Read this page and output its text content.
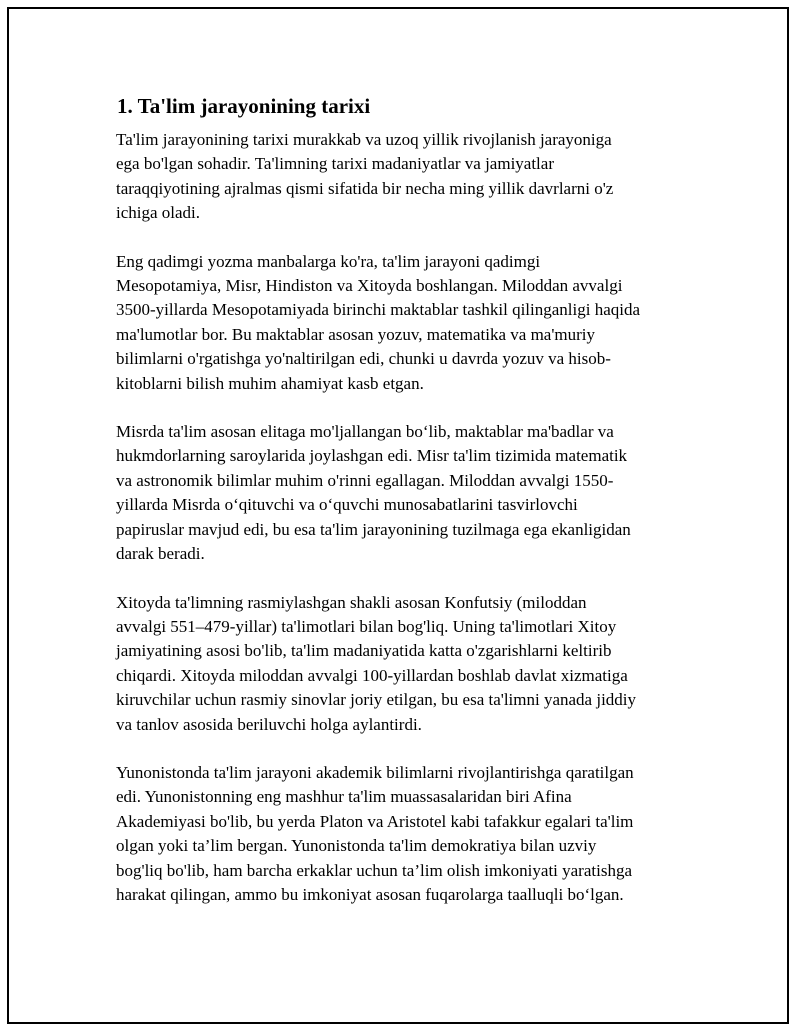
1. Ta'lim jarayonining tarixi

Ta'lim jarayonining tarixi murakkab va uzoq yillik rivojlanish jarayoniga
ega bo'lgan sohadir. Ta'limning tarixi madaniyatlar va jamiyatlar
taraqqiyotining ajralmas qismi sifatida bir necha ming yillik davrlarni o'z
ichiga oladi.

Eng qadimgi yozma manbalarga ko'ra, ta'lim jarayoni qadimgi
Mesopotamiya, Misr, Hindiston va Xitoyda boshlangan. Miloddan avvalgi
3500-yillarda Mesopotamiyada birinchi maktablar tashkil qilinganligi haqida
ma'lumotlar bor. Bu maktablar asosan yozuv, matematika va ma'muriy
bilimlarni o'rgatishga yo'naltirilgan edi, chunki u davrda yozuv va hisob-
kitoblarni bilish muhim ahamiyat kasb etgan.

Misrda ta'lim asosan elitaga mo'ljallangan bo‘lib, maktablar ma'badlar va
hukmdorlarning saroylarida joylashgan edi. Misr ta'lim tizimida matematik
va astronomik bilimlar muhim o'rinni egallagan. Miloddan avvalgi 1550-
yillarda Misrda o‘qituvchi va o‘quvchi munosabatlarini tasvirlovchi
papiruslar mavjud edi, bu esa ta'lim jarayonining tuzilmaga ega ekanligidan
darak beradi.

Xitoyda ta'limning rasmiylashgan shakli asosan Konfutsiy (miloddan
avvalgi 551–479-yillar) ta'limotlari bilan bog'liq. Uning ta'limotlari Xitoy
jamiyatining asosi bo'lib, ta'lim madaniyatida katta o'zgarishlarni keltirib
chiqardi. Xitoyda miloddan avvalgi 100-yillardan boshlab davlat xizmatiga
kiruvchilar uchun rasmiy sinovlar joriy etilgan, bu esa ta'limni yanada jiddiy
va tanlov asosida beriluvchi holga aylantirdi.

Yunonistonda ta'lim jarayoni akademik bilimlarni rivojlantirishga qaratilgan
edi. Yunonistonning eng mashhur ta'lim muassasalaridan biri Afina
Akademiyasi bo'lib, bu yerda Platon va Aristotel kabi tafakkur egalari ta'lim
olgan yoki ta’lim bergan. Yunonistonda ta'lim demokratiya bilan uzviy
bog'liq bo'lib, ham barcha erkaklar uchun ta’lim olish imkoniyati yaratishga
harakat qilingan, ammo bu imkoniyat asosan fuqarolarga taalluqli bo‘lgan.
